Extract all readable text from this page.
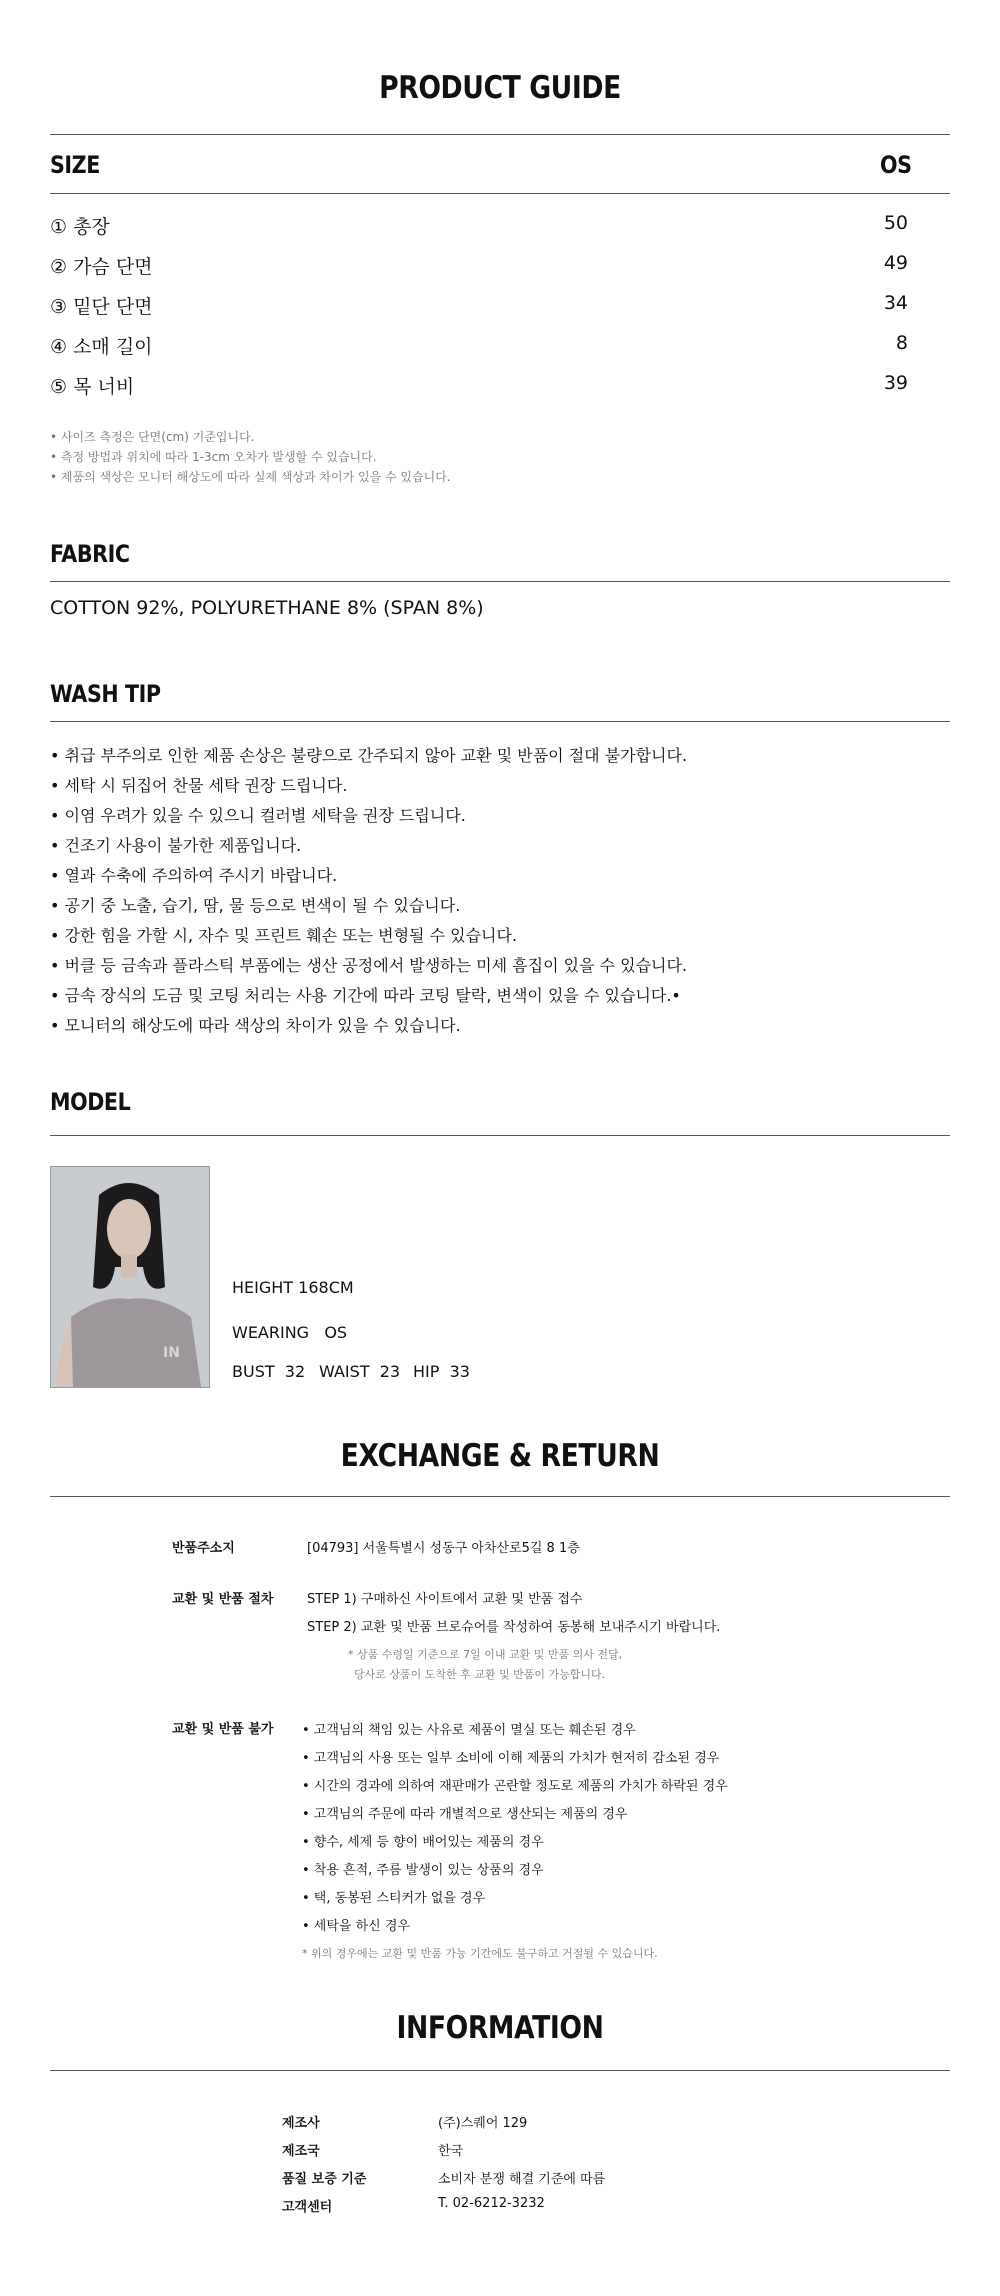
PRODUCT GUIDE
SIZE	OS
① 총장	50
② 가슴 단면	49
③ 밑단 단면	34
④ 소매 길이	8
⑤ 목 너비	39
• 사이즈 측정은 단면(cm) 기준입니다.
• 측정 방법과 위치에 따라 1-3cm 오차가 발생할 수 있습니다.
• 제품의 색상은 모니터 해상도에 따라 실제 색상과 차이가 있을 수 있습니다.
FABRIC
COTTON 92%, POLYURETHANE 8% (SPAN 8%)
WASH TIP
• 취급 부주의로 인한 제품 손상은 불량으로 간주되지 않아 교환 및 반품이 절대 불가합니다.
• 세탁 시 뒤집어 찬물 세탁 권장 드립니다.
• 이염 우려가 있을 수 있으니 컬러별 세탁을 권장 드립니다.
• 건조기 사용이 불가한 제품입니다.
• 열과 수축에 주의하여 주시기 바랍니다.
• 공기 중 노출, 습기, 땀, 물 등으로 변색이 될 수 있습니다.
• 강한 힘을 가할 시, 자수 및 프린트 훼손 또는 변형될 수 있습니다.
• 버클 등 금속과 플라스틱 부품에는 생산 공정에서 발생하는 미세 흠집이 있을 수 있습니다.
• 금속 장식의 도금 및 코팅 처리는 사용 기간에 따라 코팅 탈락, 변색이 있을 수 있습니다.•
• 모니터의 해상도에 따라 색상의 차이가 있을 수 있습니다.
MODEL
IN
HEIGHT 168CM
WEARING   OS
BUST  32 WAIST  23 HIP  33
EXCHANGE & RETURN
반품주소지	[04793] 서울특별시 성동구 아차산로5길 8 1층
교환 및 반품 절차	STEP 1) 구매하신 사이트에서 교환 및 반품 접수
STEP 2) 교환 및 반품 브로슈어를 작성하여 동봉해 보내주시기 바랍니다.
* 상품 수령일 기준으로 7일 이내 교환 및 반품 의사 전달,
당사로 상품이 도착한 후 교환 및 반품이 가능합니다.
교환 및 반품 불가 • 고객님의 책임 있는 사유로 제품이 멸실 또는 훼손된 경우
• 고객님의 사용 또는 일부 소비에 이해 제품의 가치가 현저히 감소된 경우
• 시간의 경과에 의하여 재판매가 곤란할 정도로 제품의 가치가 하락된 경우
• 고객님의 주문에 따라 개별적으로 생산되는 제품의 경우
• 향수, 세제 등 향이 배어있는 제품의 경우
• 착용 흔적, 주름 발생이 있는 상품의 경우
• 택, 동봉된 스티커가 없을 경우
• 세탁을 하신 경우
* 위의 경우에는 교환 및 반품 가능 기간에도 불구하고 거절될 수 있습니다.
INFORMATION
제조사	(주)스퀘어 129
제조국	한국
품질 보증 기준	소비자 분쟁 해결 기준에 따름
고객센터	T. 02-6212-3232
